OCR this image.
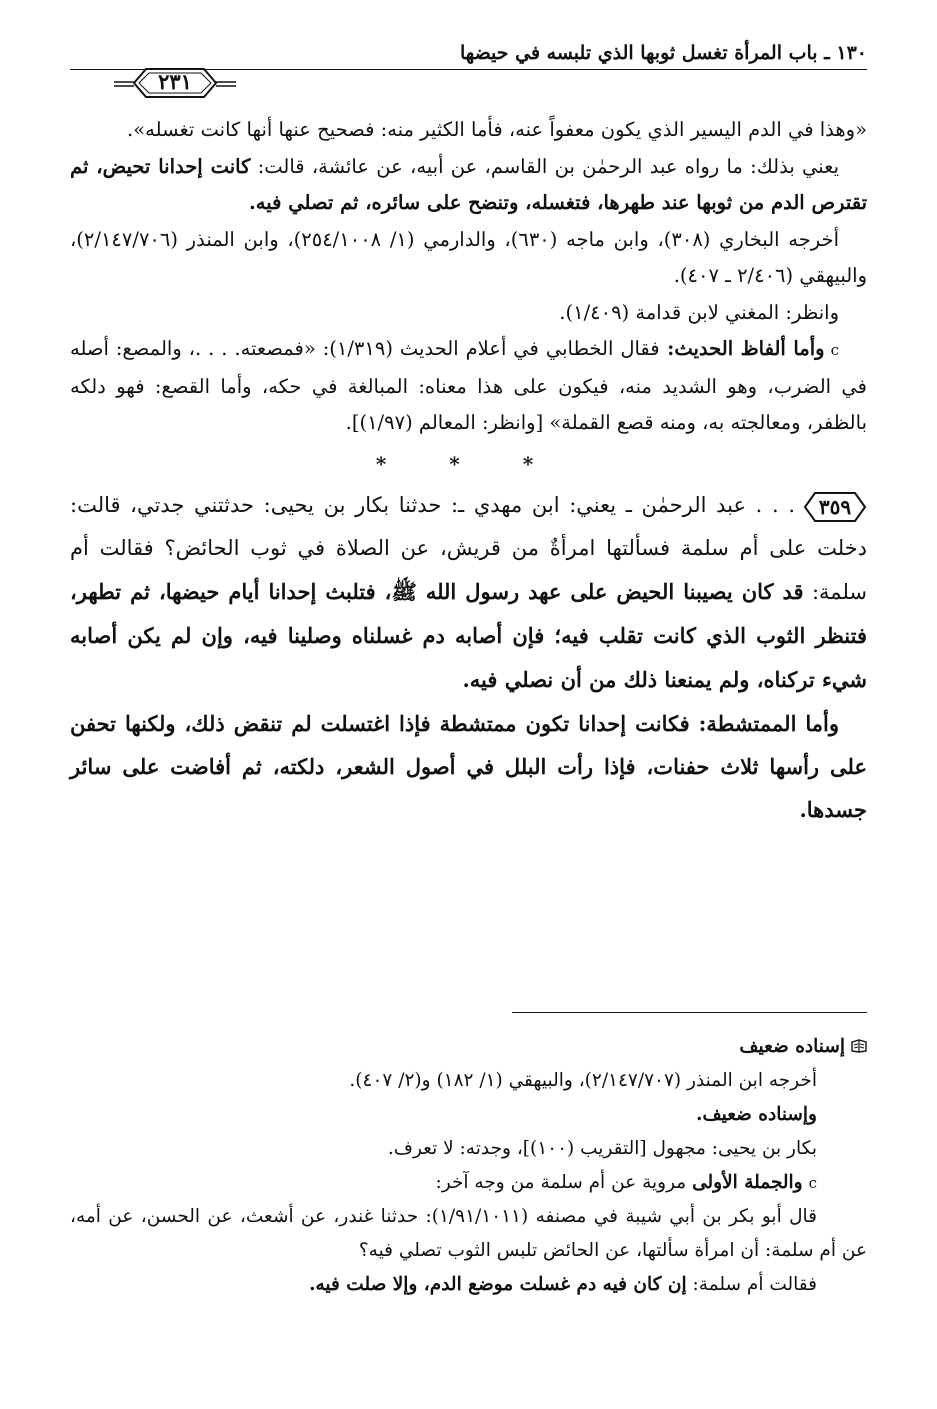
١٣٠ ـ باب المرأة تغسل ثوبها الذي تلبسه في حيضها
٢٣١

«وهذا في الدم اليسير الذي يكون معفواً عنه، فأما الكثير منه: فصحيح عنها أنها كانت تغسله».

يعني بذلك: ما رواه عبد الرحمٰن بن القاسم، عن أبيه، عن عائشة، قالت: كانت إحدانا تحيض، ثم تقترص الدم من ثوبها عند طهرها، فتغسله، وتنضح على سائره، ثم تصلي فيه.

أخرجه البخاري (٣٠٨)، وابن ماجه (٦٣٠)، والدارمي (١/ ٢٥٤/١٠٠٨)، وابن المنذر (٢/١٤٧/٧٠٦)، والبيهقي (٢/٤٠٦ ـ ٤٠٧).

وانظر: المغني لابن قدامة (١/٤٠٩).

cوأما ألفاظ الحديث: فقال الخطابي في أعلام الحديث (١/٣١٩): «فمصعته. . . .، والمصع: أصله في الضرب، وهو الشديد منه، فيكون على هذا معناه: المبالغة في حكه، وأما القصع: فهو دلكه بالظفر، ومعالجته به، ومنه قصع القملة» [وانظر: المعالم (١/٩٧)].

* * *

٣٥٩
. . . عبد الرحمٰن ـ يعني: ابن مهدي ـ: حدثنا بكار بن يحيى: حدثتني جدتي، قالت: دخلت على أم سلمة فسألتها امرأةٌ من قريش، عن الصلاة في ثوب الحائض؟ فقالت أم سلمة: قد كان يصيبنا الحيض على عهد رسول الله ﷺ، فتلبث إحدانا أيام حيضها، ثم تطهر، فتنظر الثوب الذي كانت تقلب فيه؛ فإن أصابه دم غسلناه وصلينا فيه، وإن لم يكن أصابه شيء تركناه، ولم يمنعنا ذلك من أن نصلي فيه.

وأما الممتشطة: فكانت إحدانا تكون ممتشطة فإذا اغتسلت لم تنقض ذلك، ولكنها تحفن على رأسها ثلاث حفنات، فإذا رأت البلل في أصول الشعر، دلكته، ثم أفاضت على سائر جسدها.

إسناده ضعيف

أخرجه ابن المنذر (٢/١٤٧/٧٠٧)، والبيهقي (١/ ١٨٢) و(٢/ ٤٠٧).

وإسناده ضعيف.

بكار بن يحيى: مجهول [التقريب (١٠٠)]، وجدته: لا تعرف.

cوالجملة الأولى مروية عن أم سلمة من وجه آخر:

قال أبو بكر بن أبي شيبة في مصنفه (١/٩١/١٠١١): حدثنا غندر، عن أشعث، عن الحسن، عن أمه، عن أم سلمة: أن امرأة سألتها، عن الحائض تلبس الثوب تصلي فيه؟

فقالت أم سلمة: إن كان فيه دم غسلت موضع الدم، وإلا صلت فيه.
